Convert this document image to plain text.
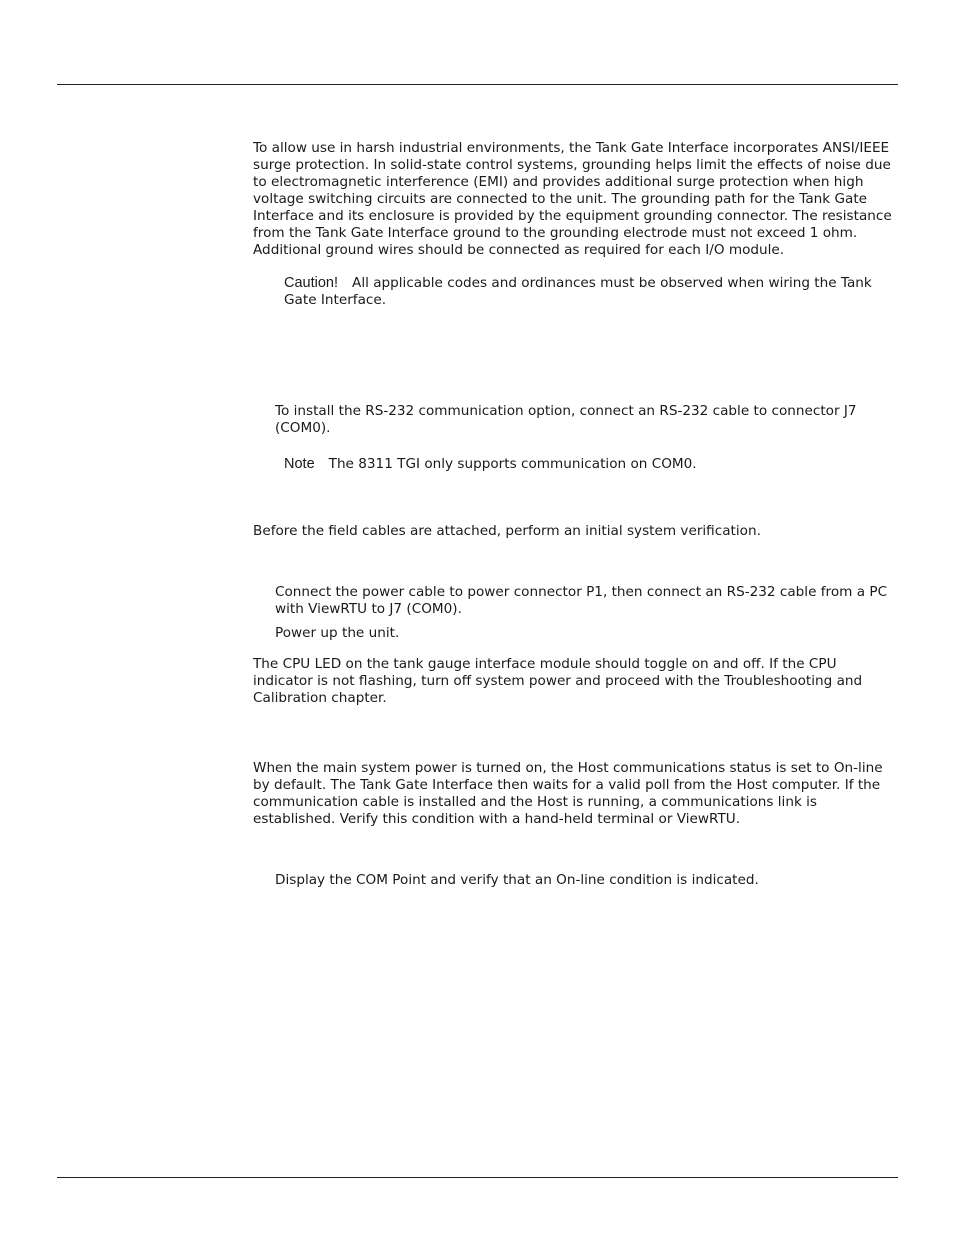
To allow use in harsh industrial environments, the Tank Gate Interface incorporates ANSI/IEEE surge protection. In solid-state control systems, grounding helps limit the effects of noise due to electromagnetic interference (EMI) and provides additional surge protection when high voltage switching circuits are connected to the unit. The grounding path for the Tank Gate Interface and its enclosure is provided by the equipment grounding connector. The resistance from the Tank Gate Interface ground to the grounding electrode must not exceed 1 ohm. Additional ground wires should be connected as required for each I/O module.

Caution! All applicable codes and ordinances must be observed when wiring the Tank Gate Interface.

To install the RS-232 communication option, connect an RS-232 cable to connector J7 (COM0).

Note The 8311 TGI only supports communication on COM0.

Before the field cables are attached, perform an initial system verification.

Connect the power cable to power connector P1, then connect an RS-232 cable from a PC with ViewRTU to J7 (COM0).

Power up the unit.

The CPU LED on the tank gauge interface module should toggle on and off. If the CPU indicator is not flashing, turn off system power and proceed with the Troubleshooting and Calibration chapter.

When the main system power is turned on, the Host communications status is set to On-line by default. The Tank Gate Interface then waits for a valid poll from the Host computer. If the communication cable is installed and the Host is running, a communications link is established. Verify this condition with a hand-held terminal or ViewRTU.

Display the COM Point and verify that an On-line condition is indicated.
